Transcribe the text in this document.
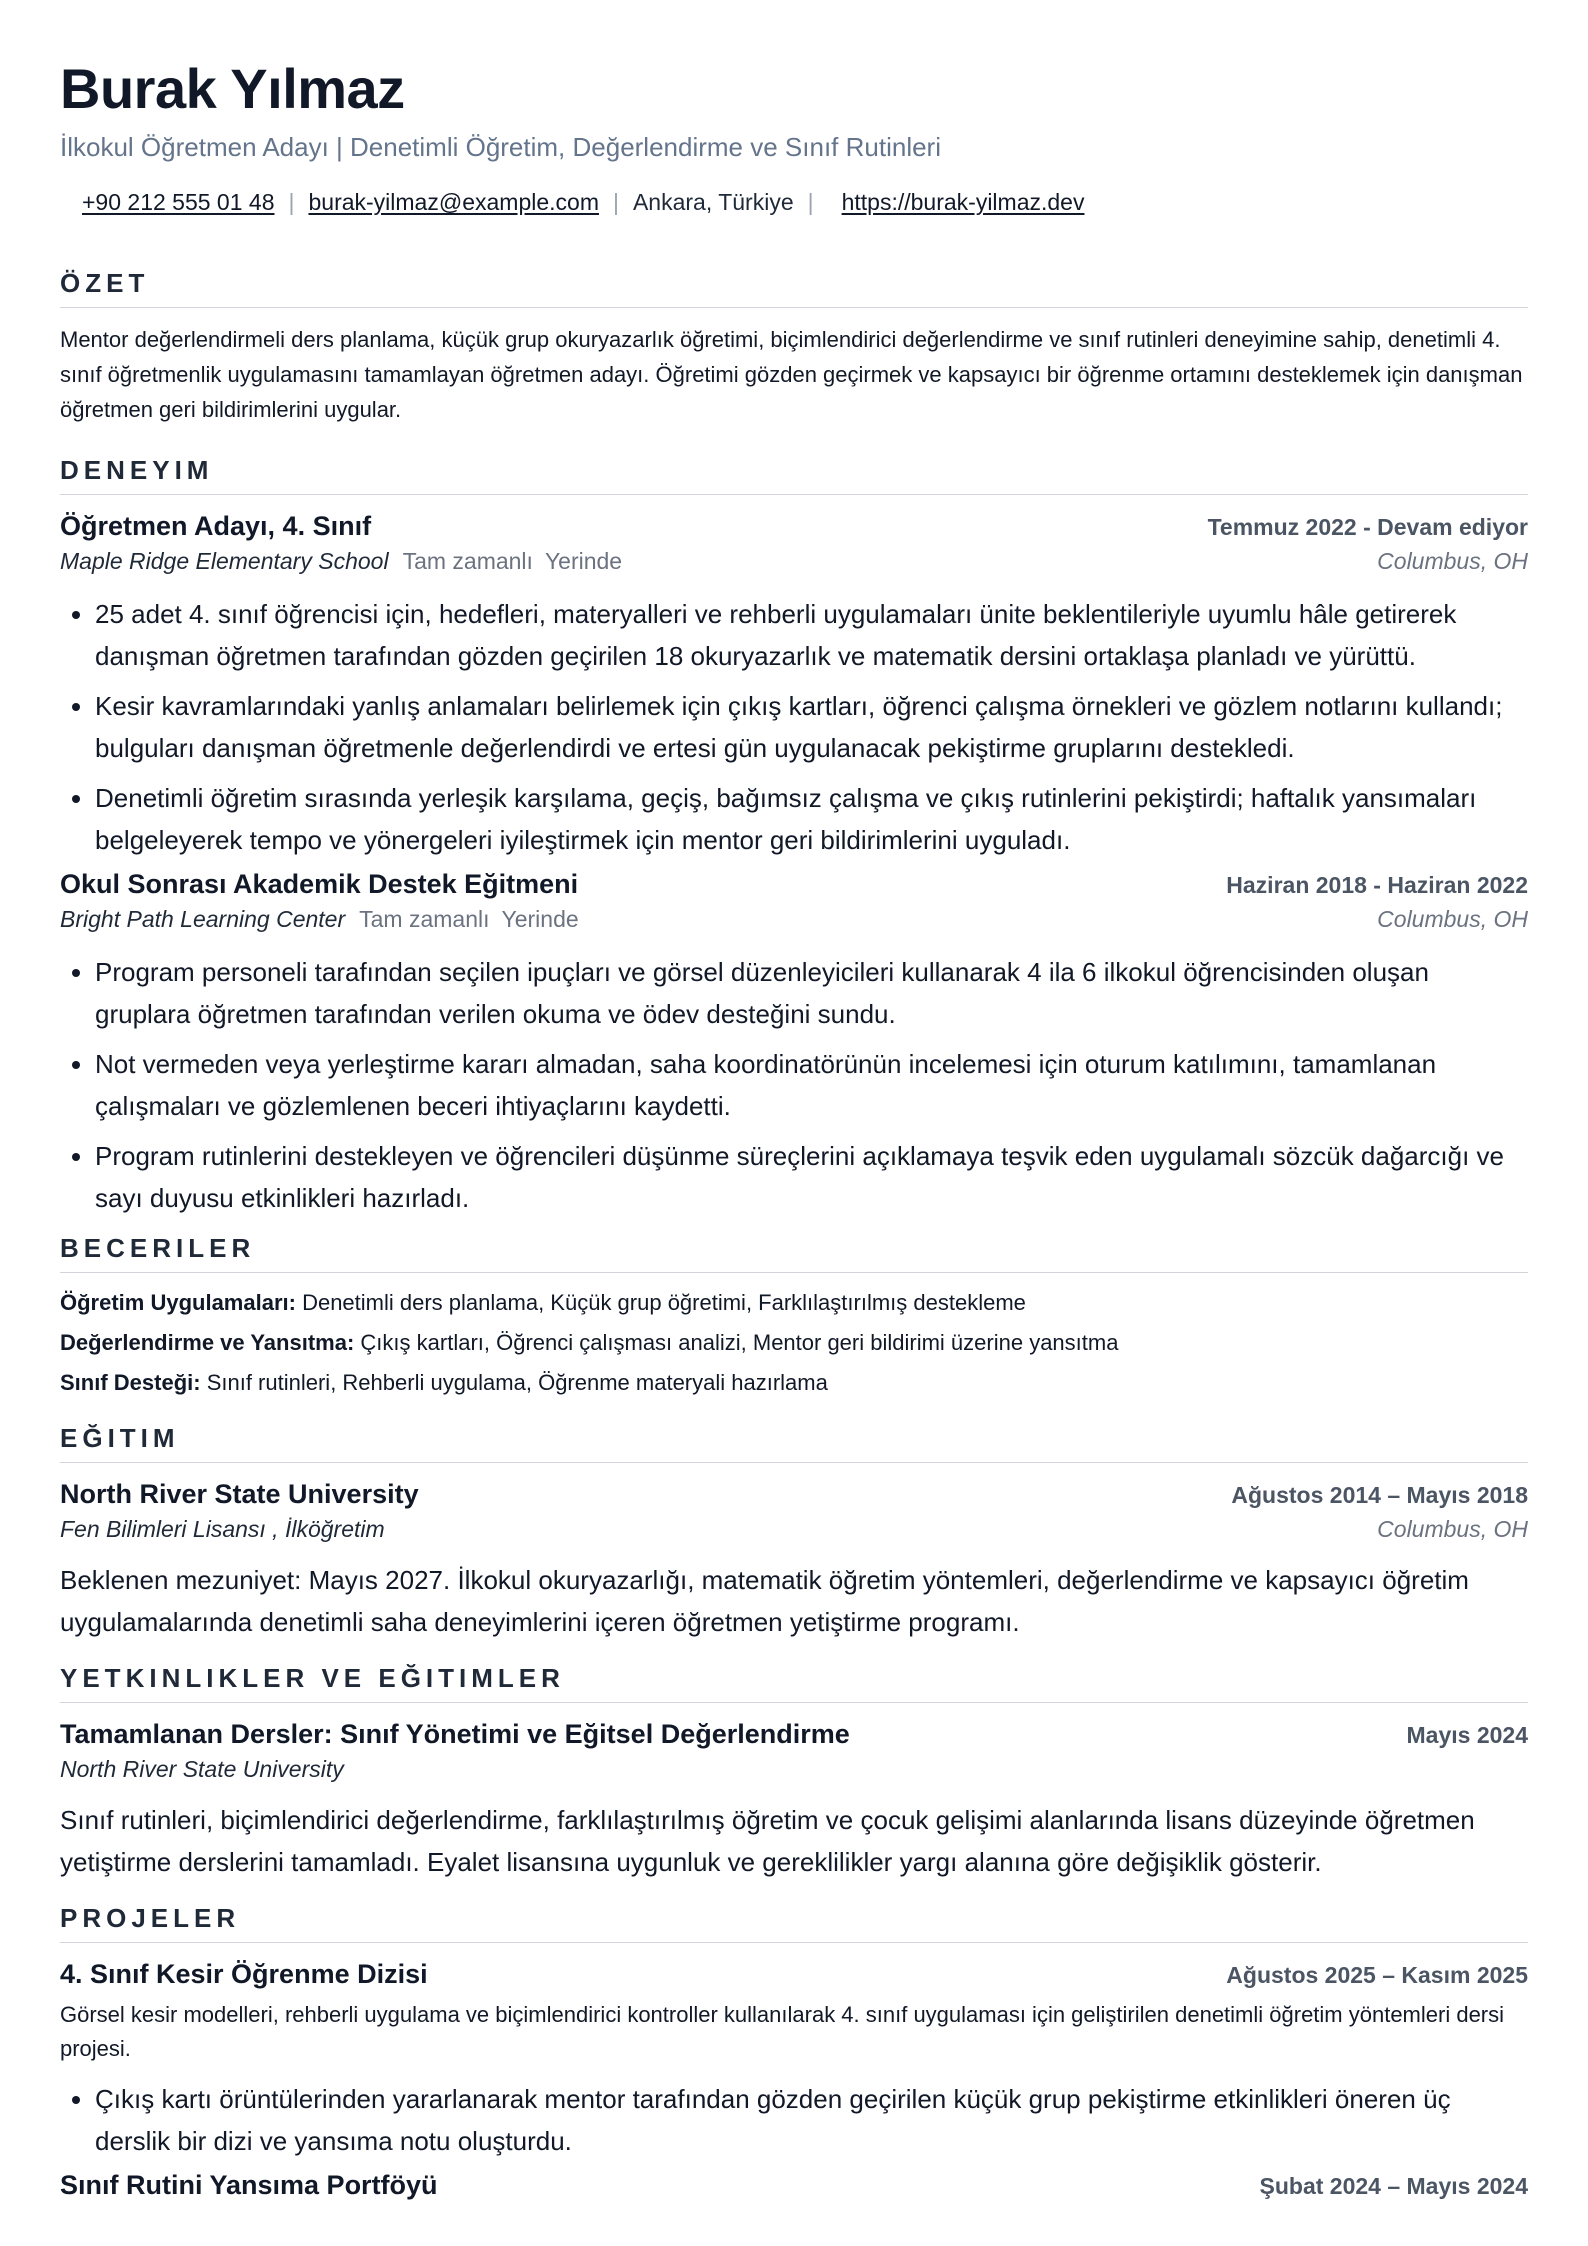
Burak Yılmaz
İlkokul Öğretmen Adayı | Denetimli Öğretim, Değerlendirme ve Sınıf Rutinleri
+90 212 555 01 48 | burak-yilmaz@example.com | Ankara, Türkiye | https://burak-yilmaz.dev
ÖZET
Mentor değerlendirmeli ders planlama, küçük grup okuryazarlık öğretimi, biçimlendirici değerlendirme ve sınıf rutinleri deneyimine sahip, denetimli 4. sınıf öğretmenlik uygulamasını tamamlayan öğretmen adayı. Öğretimi gözden geçirmek ve kapsayıcı bir öğrenme ortamını desteklemek için danışman öğretmen geri bildirimlerini uygular.
DENEYIM
Öğretmen Adayı, 4. Sınıf	Temmuz 2022 - Devam ediyor
Maple Ridge Elementary School Tam zamanlı Yerinde	Columbus, OH
• 25 adet 4. sınıf öğrencisi için, hedefleri, materyalleri ve rehberli uygulamaları ünite beklentileriyle uyumlu hâle getirerek danışman öğretmen tarafından gözden geçirilen 18 okuryazarlık ve matematik dersini ortaklaşa planladı ve yürüttü.
• Kesir kavramlarındaki yanlış anlamaları belirlemek için çıkış kartları, öğrenci çalışma örnekleri ve gözlem notlarını kullandı; bulguları danışman öğretmenle değerlendirdi ve ertesi gün uygulanacak pekiştirme gruplarını destekledi.
• Denetimli öğretim sırasında yerleşik karşılama, geçiş, bağımsız çalışma ve çıkış rutinlerini pekiştirdi; haftalık yansımaları belgeleyerek tempo ve yönergeleri iyileştirmek için mentor geri bildirimlerini uyguladı.
Okul Sonrası Akademik Destek Eğitmeni	Haziran 2018 - Haziran 2022
Bright Path Learning Center Tam zamanlı Yerinde	Columbus, OH
• Program personeli tarafından seçilen ipuçları ve görsel düzenleyicileri kullanarak 4 ila 6 ilkokul öğrencisinden oluşan gruplara öğretmen tarafından verilen okuma ve ödev desteğini sundu.
• Not vermeden veya yerleştirme kararı almadan, saha koordinatörünün incelemesi için oturum katılımını, tamamlanan çalışmaları ve gözlemlenen beceri ihtiyaçlarını kaydetti.
• Program rutinlerini destekleyen ve öğrencileri düşünme süreçlerini açıklamaya teşvik eden uygulamalı sözcük dağarcığı ve sayı duyusu etkinlikleri hazırladı.
BECERILER
Öğretim Uygulamaları: Denetimli ders planlama, Küçük grup öğretimi, Farklılaştırılmış destekleme
Değerlendirme ve Yansıtma: Çıkış kartları, Öğrenci çalışması analizi, Mentor geri bildirimi üzerine yansıtma
Sınıf Desteği: Sınıf rutinleri, Rehberli uygulama, Öğrenme materyali hazırlama
EĞITIM
North River State University	Ağustos 2014 – Mayıs 2018
Fen Bilimleri Lisansı , İlköğretim	Columbus, OH
Beklenen mezuniyet: Mayıs 2027. İlkokul okuryazarlığı, matematik öğretim yöntemleri, değerlendirme ve kapsayıcı öğretim uygulamalarında denetimli saha deneyimlerini içeren öğretmen yetiştirme programı.
YETKINLIKLER VE EĞITIMLER
Tamamlanan Dersler: Sınıf Yönetimi ve Eğitsel Değerlendirme	Mayıs 2024
North River State University
Sınıf rutinleri, biçimlendirici değerlendirme, farklılaştırılmış öğretim ve çocuk gelişimi alanlarında lisans düzeyinde öğretmen yetiştirme derslerini tamamladı. Eyalet lisansına uygunluk ve gereklilikler yargı alanına göre değişiklik gösterir.
PROJELER
4. Sınıf Kesir Öğrenme Dizisi	Ağustos 2025 – Kasım 2025
Görsel kesir modelleri, rehberli uygulama ve biçimlendirici kontroller kullanılarak 4. sınıf uygulaması için geliştirilen denetimli öğretim yöntemleri dersi projesi.
• Çıkış kartı örüntülerinden yararlanarak mentor tarafından gözden geçirilen küçük grup pekiştirme etkinlikleri öneren üç derslik bir dizi ve yansıma notu oluşturdu.
Sınıf Rutini Yansıma Portföyü	Şubat 2024 – Mayıs 2024
